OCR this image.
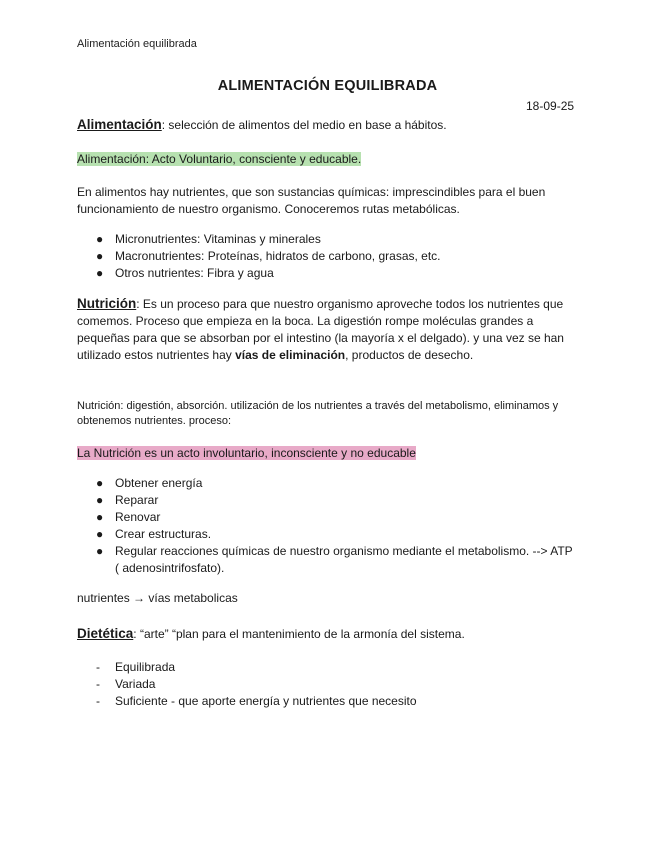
Alimentación equilibrada
ALIMENTACIÓN EQUILIBRADA
18-09-25
Alimentación: selección de alimentos del medio en base a hábitos.
Alimentación: Acto Voluntario, consciente y educable.
En alimentos hay nutrientes, que son sustancias químicas: imprescindibles para el buen funcionamiento de nuestro organismo. Conoceremos rutas metabólicas.
● Micronutrientes: Vitaminas y minerales
● Macronutrientes: Proteínas, hidratos de carbono, grasas, etc.
● Otros nutrientes: Fibra y agua
Nutrición: Es un proceso para que nuestro organismo aproveche todos los nutrientes que comemos. Proceso que empieza en la boca. La digestión rompe moléculas grandes a pequeñas para que se absorban por el intestino (la mayoría x el delgado). y una vez se han utilizado estos nutrientes hay vías de eliminación, productos de desecho.
Nutrición: digestión, absorción. utilización de los nutrientes a través del metabolismo, eliminamos y obtenemos nutrientes. proceso:
La Nutrición es un acto involuntario, inconsciente y no educable
● Obtener energía
● Reparar
● Renovar
● Crear estructuras.
● Regular reacciones químicas de nuestro organismo mediante el metabolismo. --> ATP ( adenosintrifosfato).
nutrientes → vías metabolicas
Dietética: “arte” “plan para el mantenimiento de la armonía del sistema.
- Equilibrada
- Variada
- Suficiente - que aporte energía y nutrientes que necesito
